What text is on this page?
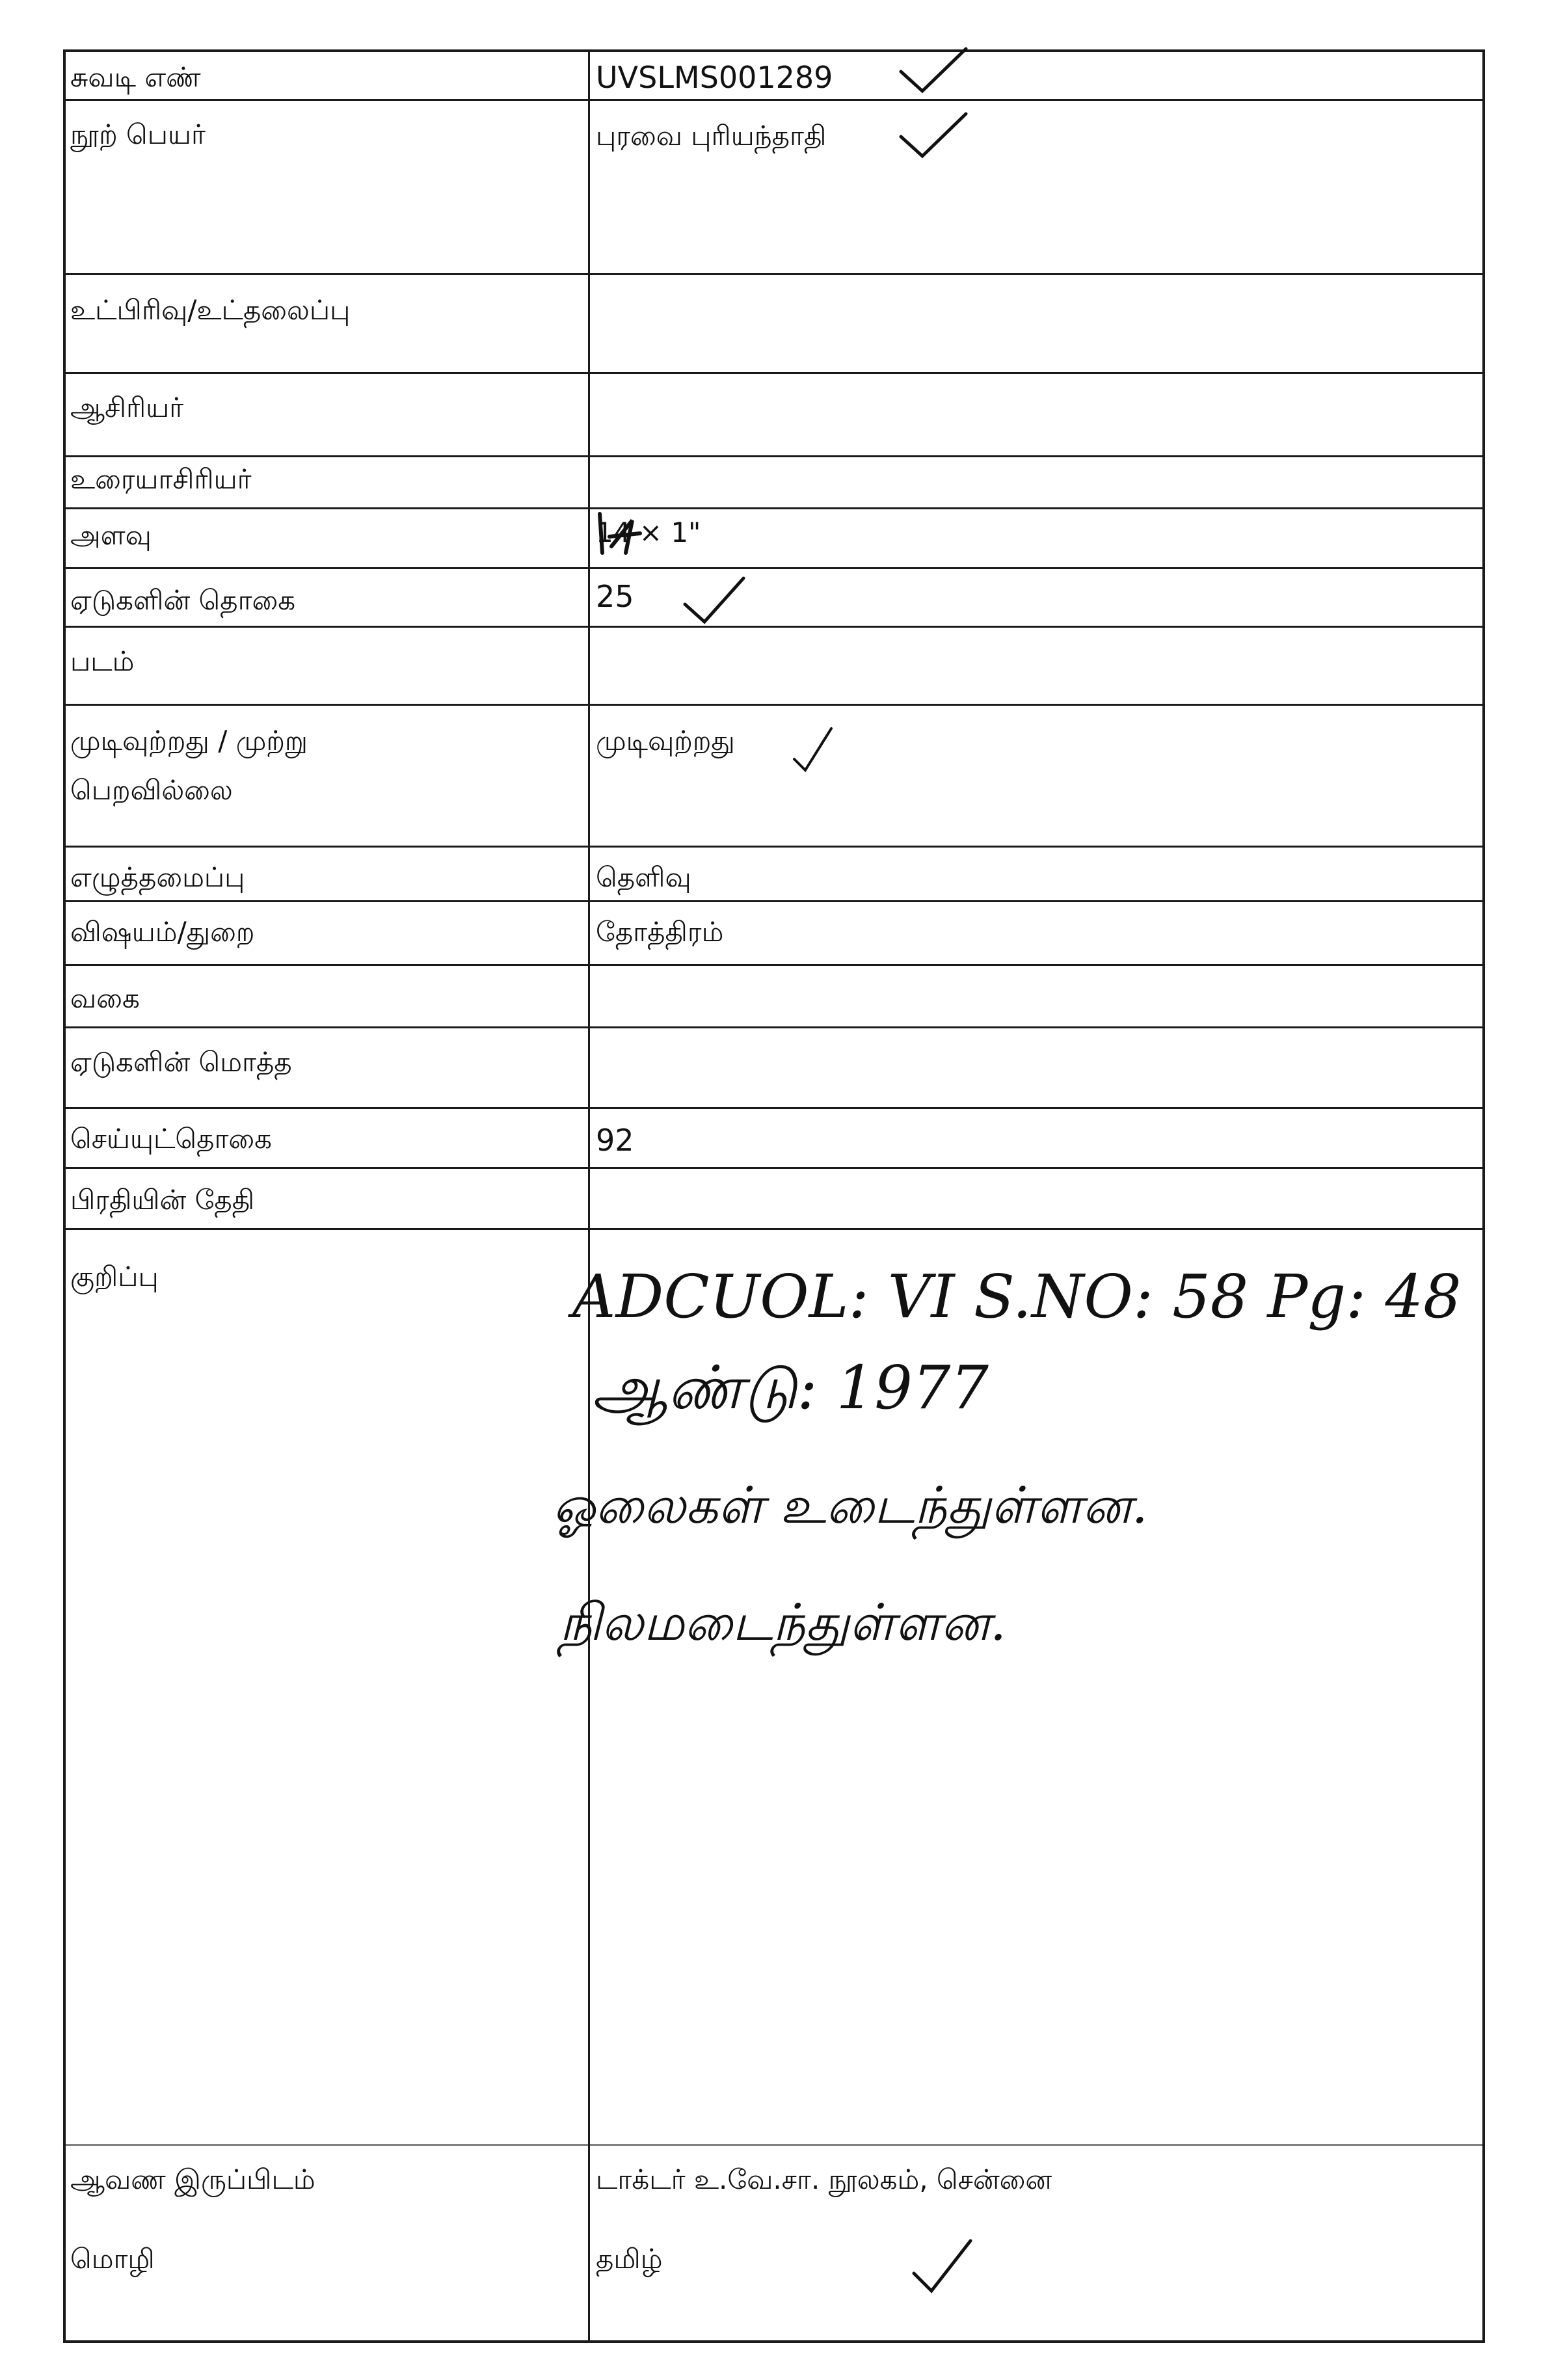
சுவடி எண்
நூற் பெயர்
உட்பிரிவு/உட்தலைப்பு
ஆசிரியர்
உரையாசிரியர்
அளவு
ஏடுகளின் தொகை
படம்
முடிவுற்றது / முற்று
பெறவில்லை
எழுத்தமைப்பு
விஷயம்/துறை
வகை
ஏடுகளின் மொத்த
செய்யுட்தொகை
பிரதியின் தேதி
குறிப்பு
ஆவண இருப்பிடம்
மொழி
UVSLMS001289
புரவை புரியந்தாதி
14 × 1"
25
முடிவுற்றது
தெளிவு
தோத்திரம்
92
டாக்டர் உ.வே.சா. நூலகம், சென்னை
தமிழ்
ADCUOL: VI S.NO: 58 Pg: 48
ஆண்டு: 1977
ஓலைகள் உடைந்துள்ளன.
நிலமடைந்துள்ளன.
